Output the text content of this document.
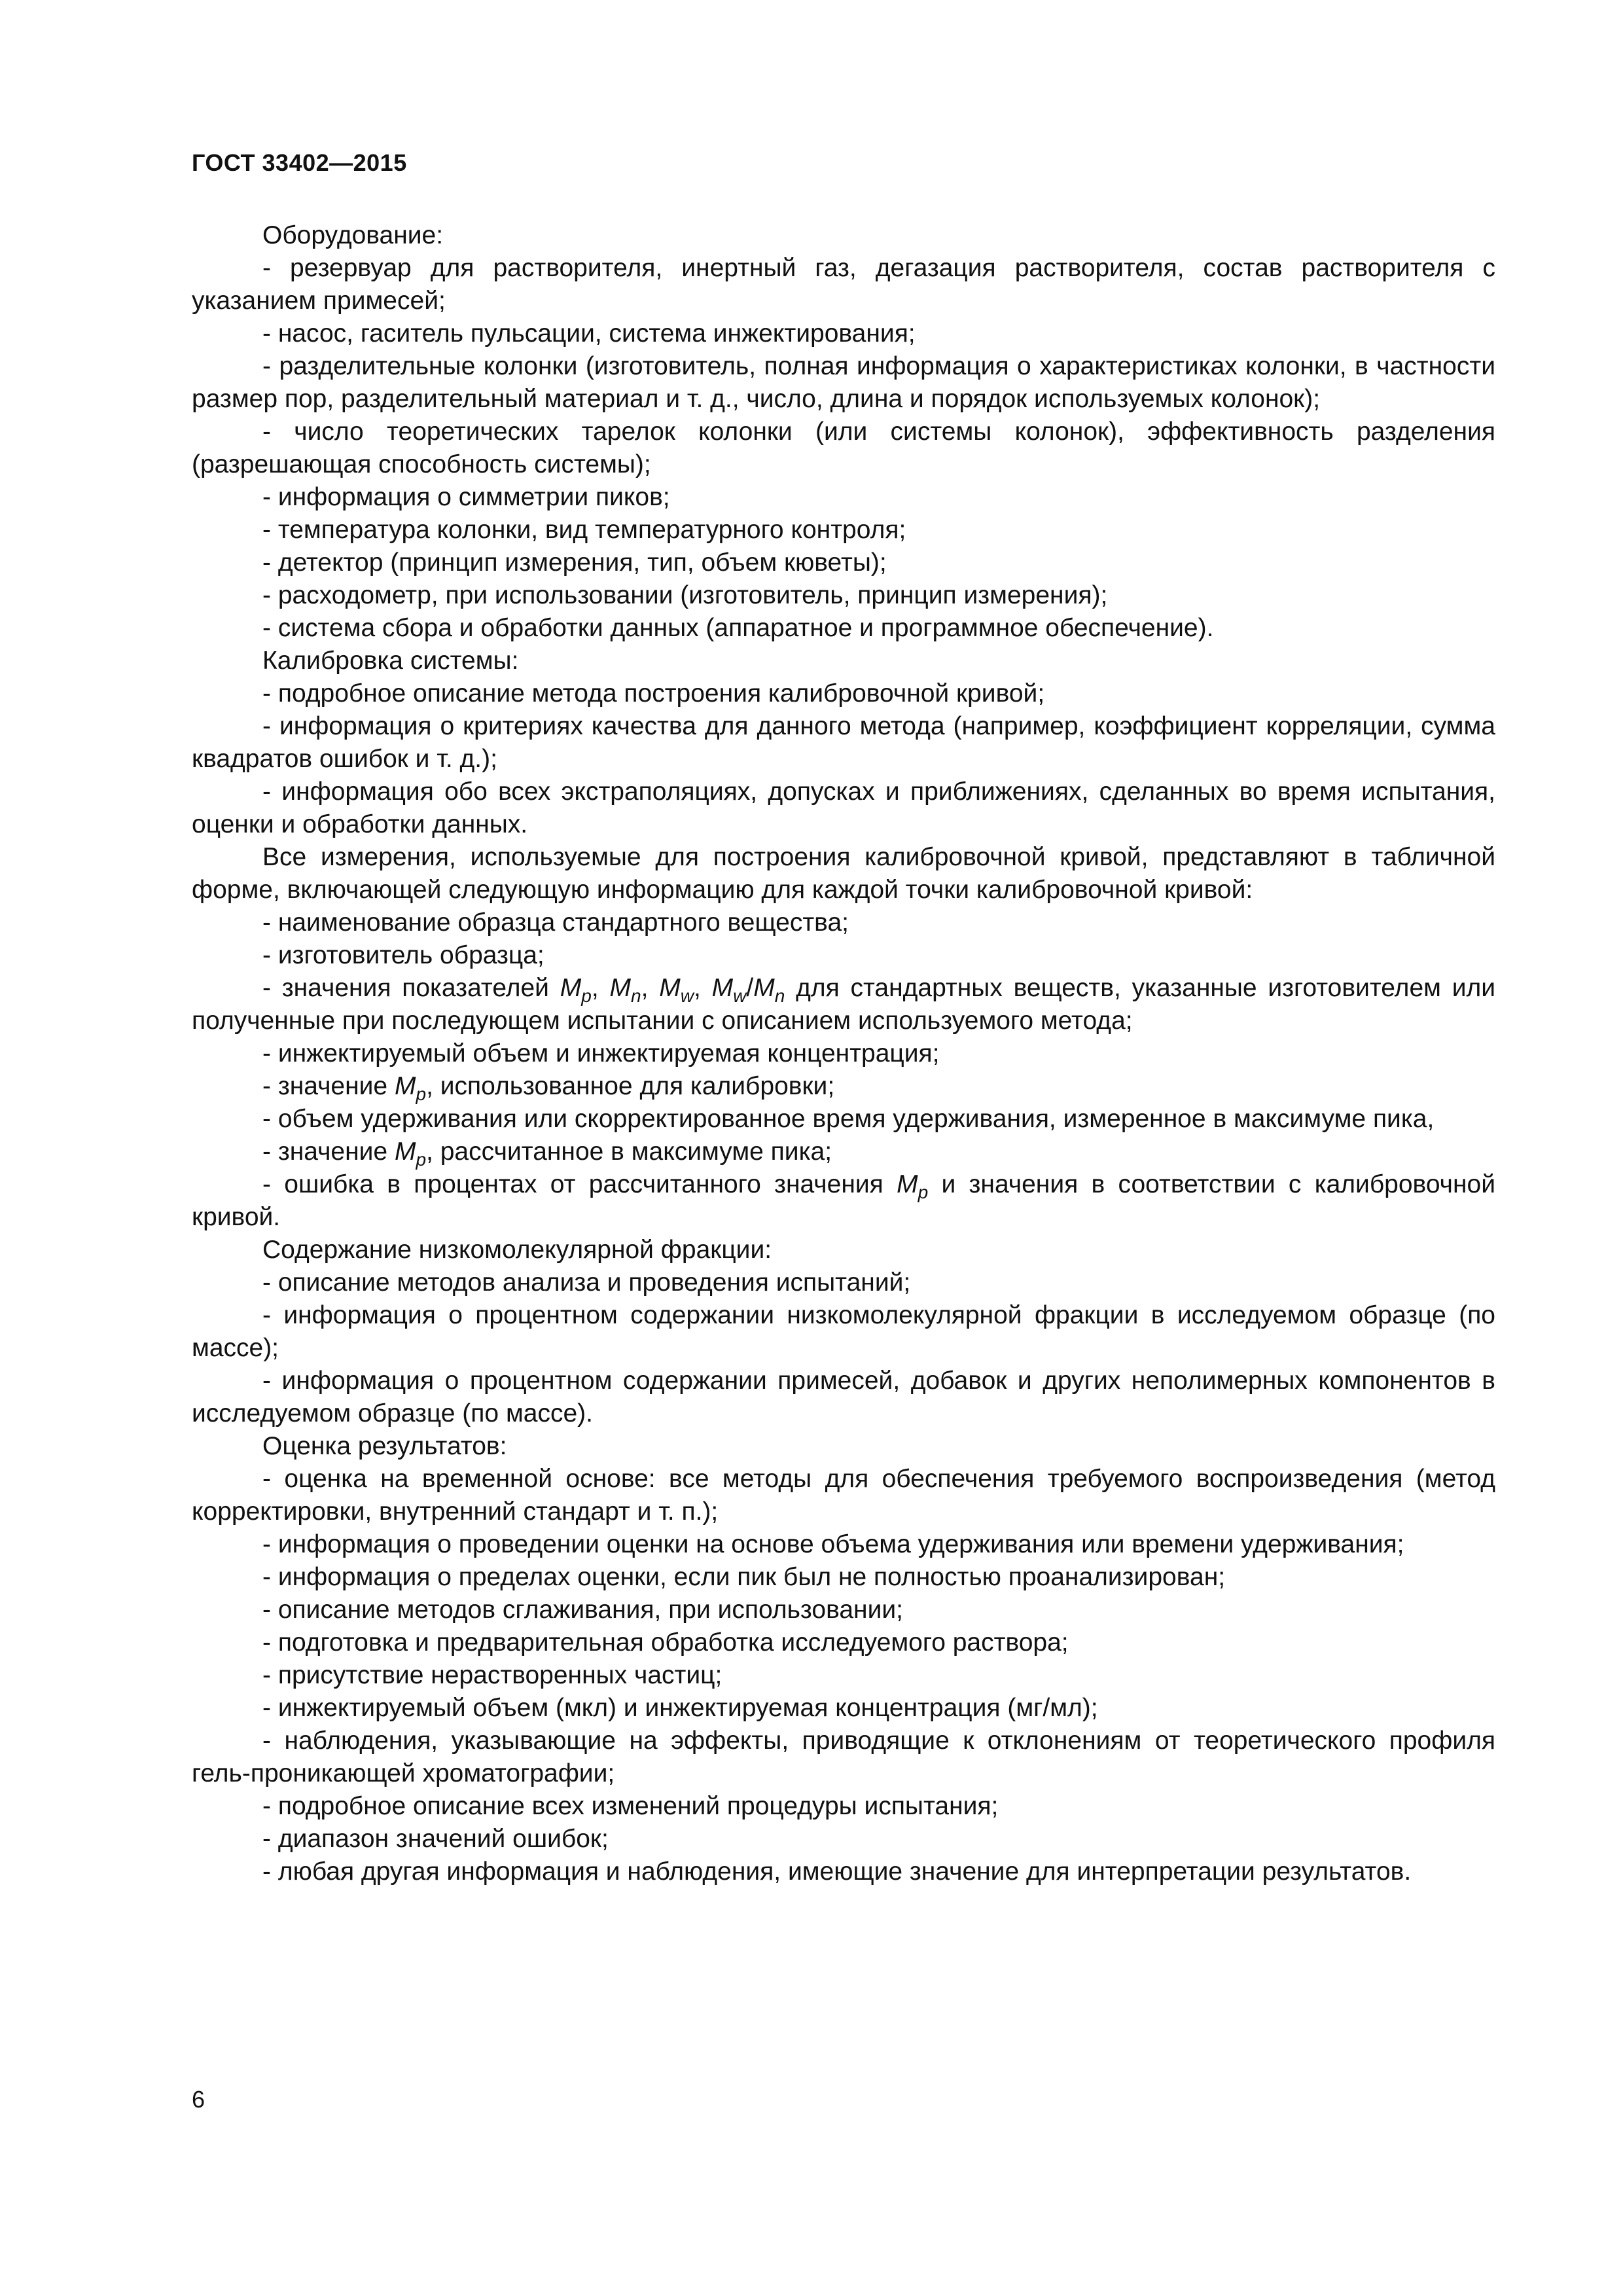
ГОСТ 33402—2015

Оборудование:

- резервуар для растворителя, инертный газ, дегазация растворителя, состав растворителя с указанием примесей;

- насос, гаситель пульсации, система инжектирования;

- разделительные колонки (изготовитель, полная информация о характеристиках колонки, в частности размер пор, разделительный материал и т. д., число, длина и порядок используемых колонок);

- число теоретических тарелок колонки (или системы колонок), эффективность разделения (разрешающая способность системы);

- информация о симметрии пиков;

- температура колонки, вид температурного контроля;

- детектор (принцип измерения, тип, объем кюветы);

- расходометр, при использовании (изготовитель, принцип измерения);

- система сбора и обработки данных (аппаратное и программное обеспечение).

Калибровка системы:

- подробное описание метода построения калибровочной кривой;

- информация о критериях качества для данного метода (например, коэффициент корреляции, сумма квадратов ошибок и т. д.);

- информация обо всех экстраполяциях, допусках и приближениях, сделанных во время испытания, оценки и обработки данных.

Все измерения, используемые для построения калибровочной кривой, представляют в табличной форме, включающей следующую информацию для каждой точки калибровочной кривой:

- наименование образца стандартного вещества;

- изготовитель образца;

- значения показателей $M_p$, $M_n$, $M_w$, $M_w/M_n$ для стандартных веществ, указанные изготовителем или полученные при последующем испытании с описанием используемого метода;

- инжектируемый объем и инжектируемая концентрация;

- значение $M_p$, использованное для калибровки;

- объем удерживания или скорректированное время удерживания, измеренное в максимуме пика,

- значение $M_p$, рассчитанное в максимуме пика;

- ошибка в процентах от рассчитанного значения $M_p$ и значения в соответствии с калибровочной кривой.

Содержание низкомолекулярной фракции:

- описание методов анализа и проведения испытаний;

- информация о процентном содержании низкомолекулярной фракции в исследуемом образце (по массе);

- информация о процентном содержании примесей, добавок и других неполимерных компонентов в исследуемом образце (по массе).

Оценка результатов:

- оценка на временной основе: все методы для обеспечения требуемого воспроизведения (метод корректировки, внутренний стандарт и т. п.);

- информация о проведении оценки на основе объема удерживания или времени удерживания;

- информация о пределах оценки, если пик был не полностью проанализирован;

- описание методов сглаживания, при использовании;

- подготовка и предварительная обработка исследуемого раствора;

- присутствие нерастворенных частиц;

- инжектируемый объем (мкл) и инжектируемая концентрация (мг/мл);

- наблюдения, указывающие на эффекты, приводящие к отклонениям от теоретического профиля гель-проникающей хроматографии;

- подробное описание всех изменений процедуры испытания;

- диапазон значений ошибок;

- любая другая информация и наблюдения, имеющие значение для интерпретации результатов.

6
